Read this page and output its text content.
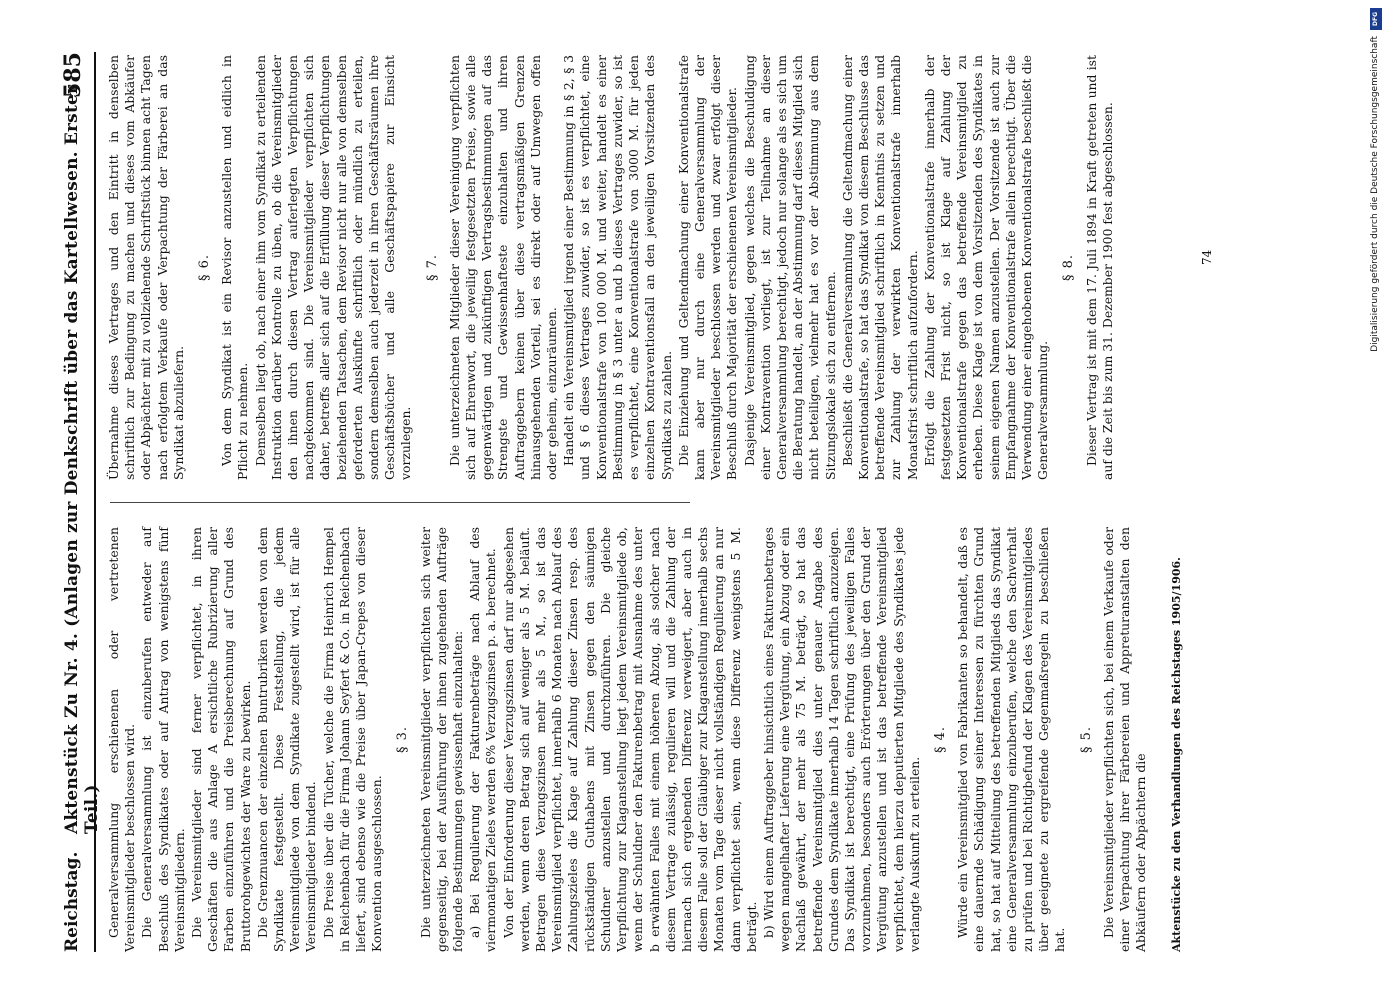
Reichstag.
Aktenstück Zu Nr. 4. (Anlagen zur Denkschrift über das Kartellwesen. Erster Teil.)
585

Generalversammlung erschienenen oder vertretenen Vereinsmitglieder beschlossen wird. Die Generalversammlung ist einzuberufen entweder auf Beschluß des Syndikates oder auf Antrag von wenigstens fünf Vereinsmitgliedern. Die Vereinsmitglieder sind ferner verpflichtet, in ihren Geschäften die aus Anlage A ersichtliche Rubrizierung aller Farben einzuführen und die Preisberechnung auf Grund des Bruttorohgewichtes der Ware zu bewirken. Die Grenznuancen der einzelnen Buntrubriken werden von dem Syndikate festgestellt. Diese Feststellung, die jedem Vereinsmitgliede von dem Syndikate zugestellt wird, ist für alle Vereinsmitglieder bindend. Die Preise über die Tücher, welche die Firma Heinrich Hempel in Reichenbach für die Firma Johann Seyfert & Co. in Reichenbach liefert, sind ebenso wie die Preise über Japan-Crepes von dieser Konvention ausgeschlossen.

§ 3. Die unterzeichneten Vereinsmitglieder verpflichten sich weiter gegenseitig, bei der Ausführung der ihnen zugehenden Aufträge folgende Bestimmungen gewissenhaft einzuhalten: a) Bei Regulierung der Fakturenbeträge nach Ablauf des viermonatigen Zieles werden 6% Verzugszinsen p. a. berechnet. Von der Einforderung dieser Verzugszinsen darf nur abgesehen werden, wenn deren Betrag sich auf weniger als 5 M. beläuft. Betragen diese Verzugszinsen mehr als 5 M., so ist das Vereinsmitglied verpflichtet, innerhalb 6 Monaten nach Ablauf des Zahlungszieles die Klage auf Zahlung dieser Zinsen resp. des rückständigen Guthabens mit Zinsen gegen den säumigen Schuldner anzustellen und durchzuführen. Die gleiche Verpflichtung zur Klaganstellung liegt jedem Vereinsmitgliede ob, wenn der Schuldner den Fakturenbetrag mit Ausnahme des unter b erwähnten Falles mit einem höheren Abzug, als solcher nach diesem Vertrage zulässig, regulieren will und die Zahlung der hiernach sich ergebenden Differenz verweigert, aber auch in diesem Falle soll der Gläubiger zur Klaganstellung innerhalb sechs Monaten vom Tage dieser nicht vollständigen Regulierung an nur dann verpflichtet sein, wenn diese Differenz wenigstens 5 M. beträgt. b) Wird einem Auftraggeber hinsichtlich eines Fakturenbetrages wegen mangelhafter Lieferung eine Vergütung, ein Abzug oder ein Nachlaß gewährt, der mehr als 75 M. beträgt, so hat das betreffende Vereinsmitglied dies unter genauer Angabe des Grundes dem Syndikate innerhalb 14 Tagen schriftlich anzuzeigen. Das Syndikat ist berechtigt, eine Prüfung des jeweiligen Falles vorzunehmen, besonders auch Erörterungen über den Grund der Vergütung anzustellen und ist das betreffende Vereinsmitglied verpflichtet, dem hierzu deputierten Mitgliede des Syndikates jede verlangte Auskunft zu erteilen.

§ 4. Würde ein Vereinsmitglied von Fabrikanten so behandelt, daß es eine dauernde Schädigung seiner Interessen zu fürchten Grund hat, so hat auf Mitteilung des betreffenden Mitglieds das Syndikat eine Generalversammlung einzuberufen, welche den Sachverhalt zu prüfen und bei Richtigbefund der Klagen des Vereinsmitgliedes über geeignete zu ergreifende Gegenmaßregeln zu beschließen hat.

§ 5. Die Vereinsmitglieder verpflichten sich, bei einem Verkaufe oder einer Verpachtung ihrer Färbereien und Appreturanstalten den Abkäufern oder Abpächtern die

Übernahme dieses Vertrages und den Eintritt in denselben schriftlich zur Bedingung zu machen und dieses vom Abkäufer oder Abpächter mit zu vollziehende Schriftstück binnen acht Tagen nach erfolgtem Verkaufe oder Verpachtung der Färberei an das Syndikat abzuliefern.

§ 6. Von dem Syndikat ist ein Revisor anzustellen und eidlich in Pflicht zu nehmen. Demselben liegt ob, nach einer ihm vom Syndikat zu erteilenden Instruktion darüber Kontrolle zu üben, ob die Vereinsmitglieder den ihnen durch diesen Vertrag auferlegten Verpflichtungen nachgekommen sind. Die Vereinsmitglieder verpflichten sich daher, betreffs aller sich auf die Erfüllung dieser Verpflichtungen beziehenden Tatsachen, dem Revisor nicht nur alle von demselben geforderten Auskünfte schriftlich oder mündlich zu erteilen, sondern demselben auch jederzeit in ihren Geschäftsräumen ihre Geschäftsbücher und alle Geschäftspapiere zur Einsicht vorzulegen.

§ 7. Die unterzeichneten Mitglieder dieser Vereinigung verpflichten sich auf Ehrenwort, die jeweilig festgesetzten Preise, sowie alle gegenwärtigen und zukünftigen Vertragsbestimmungen auf das Strengste und Gewissenhafteste einzuhalten und ihren Auftraggebern keinen über diese vertragsmäßigen Grenzen hinausgehenden Vorteil, sei es direkt oder auf Umwegen offen oder geheim, einzuräumen. Handelt ein Vereinsmitglied irgend einer Bestimmung in § 2, § 3 und § 6 dieses Vertrages zuwider, so ist es verpflichtet, eine Konventionalstrafe von 100 000 M. und weiter, handelt es einer Bestimmung in § 3 unter a und b dieses Vertrages zuwider, so ist es verpflichtet, eine Konventionalstrafe von 3000 M. für jeden einzelnen Kontraventionsfall an den jeweiligen Vorsitzenden des Syndikats zu zahlen. Die Einziehung und Geltendmachung einer Konventionalstrafe kann aber nur durch eine Generalversammlung der Vereinsmitglieder beschlossen werden und zwar erfolgt dieser Beschluß durch Majorität der erschienenen Vereinsmitglieder. Dasjenige Vereinsmitglied, gegen welches die Beschuldigung einer Kontravention vorliegt, ist zur Teilnahme an dieser Generalversammlung berechtigt, jedoch nur solange als es sich um die Beratung handelt, an der Abstimmung darf dieses Mitglied sich nicht beteiligen, vielmehr hat es vor der Abstimmung aus dem Sitzungslokale sich zu entfernen. Beschließt die Generalversammlung die Geltendmachung einer Konventionalstrafe, so hat das Syndikat von diesem Beschlusse das betreffende Vereinsmitglied schriftlich in Kenntnis zu setzen und zur Zahlung der verwirkten Konventionalstrafe innerhalb Monatsfrist schriftlich aufzufordern. Erfolgt die Zahlung der Konventionalstrafe innerhalb der festgesetzten Frist nicht, so ist Klage auf Zahlung der Konventionalstrafe gegen das betreffende Vereinsmitglied zu erheben. Diese Klage ist von dem Vorsitzenden des Syndikates in seinem eigenen Namen anzustellen. Der Vorsitzende ist auch zur Empfangnahme der Konventionalstrafe allein berechtigt. Über die Verwendung einer eingehobenen Konventionalstrafe beschließt die Generalversammlung.

§ 8. Dieser Vertrag ist mit dem 17. Juli 1894 in Kraft getreten und ist auf die Zeit bis zum 31. Dezember 1900 fest abgeschlossen.

Aktenstücke zu den Verhandlungen des Reichstages 1905/1906.
74
DFG
Digitalisierung gefördert durch die Deutsche Forschungsgemeinschaft
